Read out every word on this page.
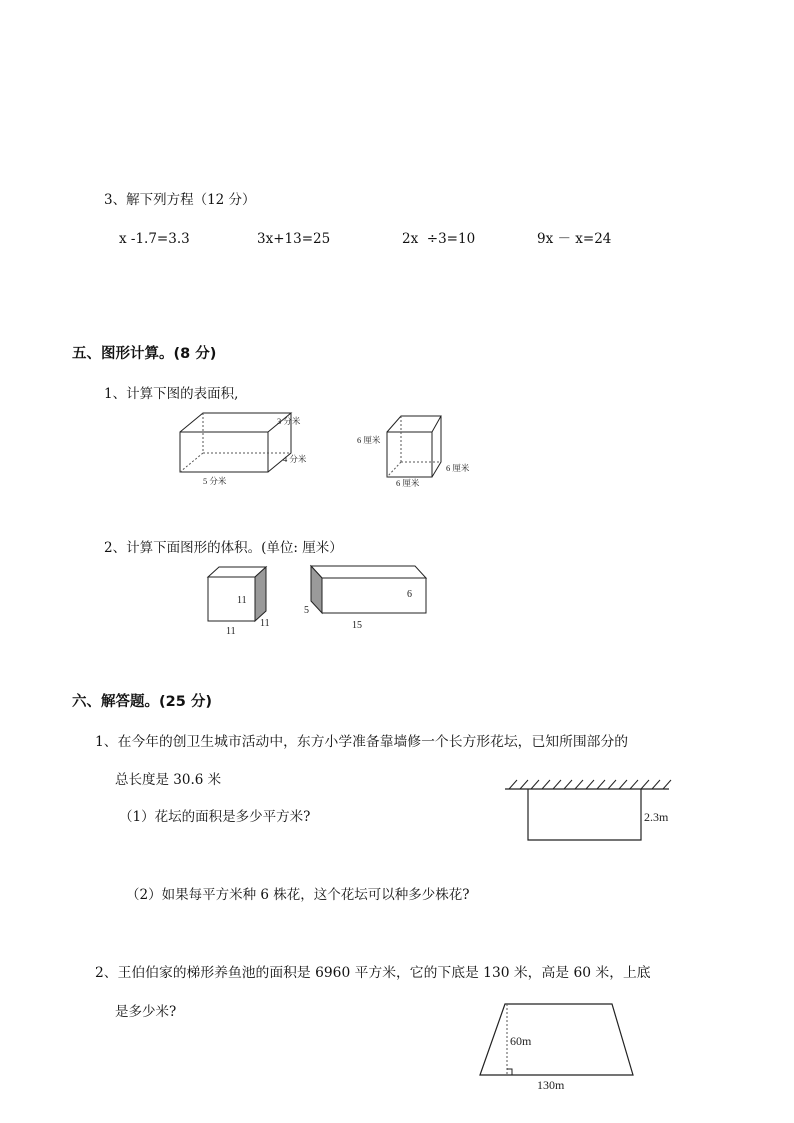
3、解下列方程（12 分）
x -1.7=3.3	3x+13=25	2x  ÷3=10	9x － x=24
五、图形计算。(8 分)
1、计算下图的表面积,
3 分米
4 分米
5 分米
6 厘米
6 厘米
6 厘米
2、计算下面图形的体积。(单位: 厘米）
11
11
11
5
6
15
六、解答题。(25 分)
1、在今年的创卫生城市活动中，东方小学准备靠墙修一个长方形花坛，已知所围部分的
总长度是 30.6 米
（1）花坛的面积是多少平方米?
（2）如果每平方米种 6 株花，这个花坛可以种多少株花?
2.3m
2、王伯伯家的梯形养鱼池的面积是 6960 平方米，它的下底是 130 米，高是 60 米，上底
是多少米?
60m
130m
